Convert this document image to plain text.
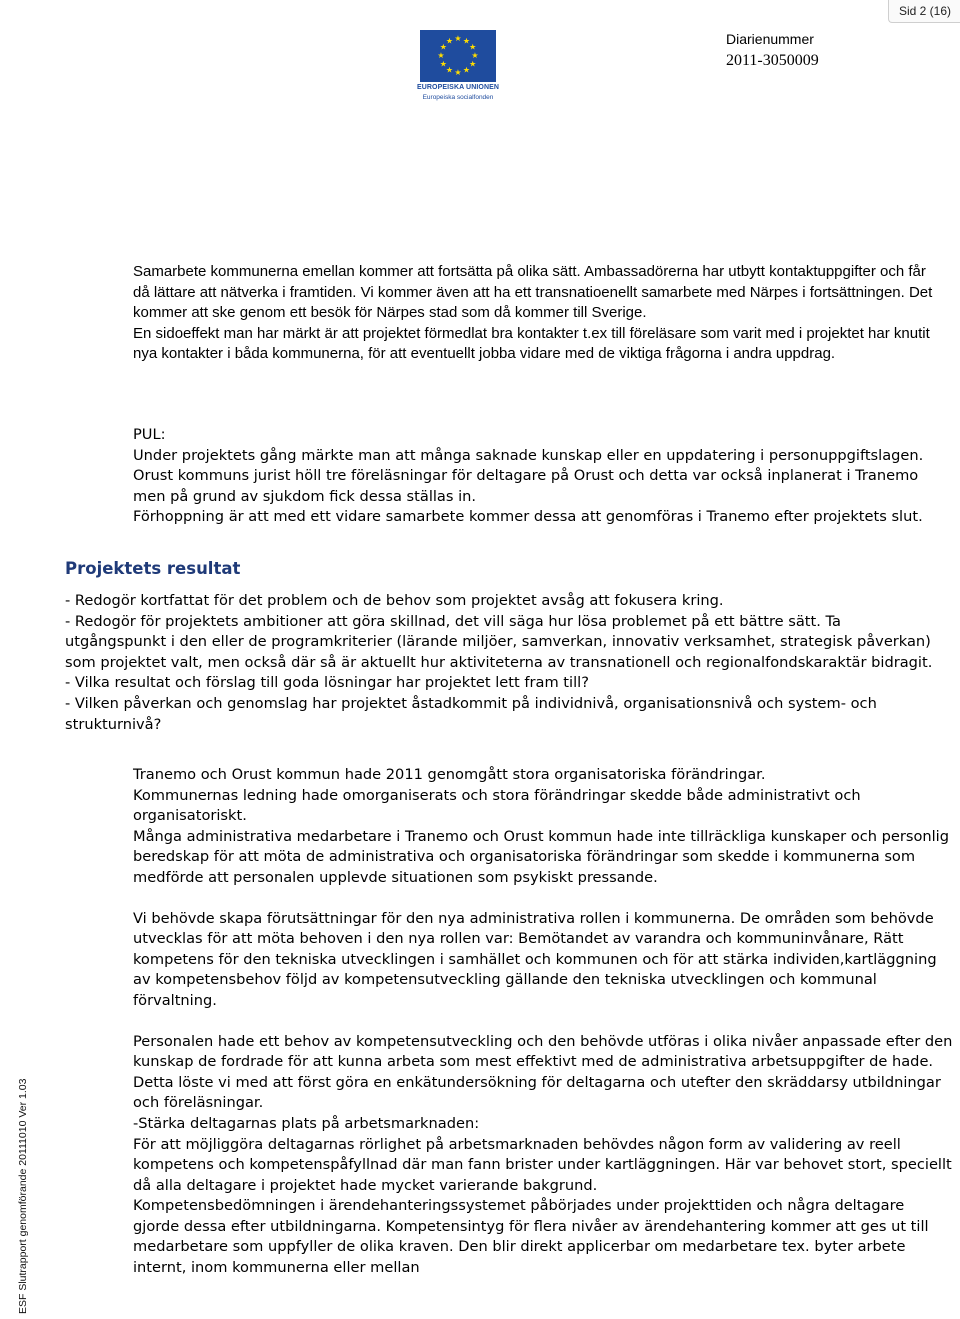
Sid 2 (16)
★ ★
★
★
★
★
★
★
★
★
★
★
EUROPEISKA UNIONEN
Europeiska socialfonden
Diarienummer
2011-3050009
ESF Slutrapport genomförande 20111010 Ver 1.03

Samarbete kommunerna emellan kommer att fortsätta på olika sätt. Ambassadörerna har utbytt kontaktuppgifter och får då lättare att nätverka i framtiden. Vi kommer även att ha ett transnatioenellt samarbete med Närpes i fortsättningen. Det kommer att ske genom ett besök för Närpes stad som då kommer till Sverige.

En sidoeffekt man har märkt är att projektet förmedlat bra kontakter t.ex till föreläsare som varit med i projektet har knutit nya kontakter i båda kommunerna, för att eventuellt jobba vidare med de viktiga frågorna i andra uppdrag.

PUL:

Under projektets gång märkte man att många saknade kunskap eller en uppdatering i personuppgiftslagen. Orust kommuns jurist höll tre föreläsningar för deltagare på Orust och detta var också inplanerat i Tranemo men på grund av sjukdom fick dessa ställas in.

Förhoppning är att med ett vidare samarbete kommer dessa att genomföras i Tranemo efter projektets slut.

Projektets resultat

- Redogör kortfattat för det problem och de behov som projektet avsåg att fokusera kring.

- Redogör för projektets ambitioner att göra skillnad, det vill säga hur lösa problemet på ett bättre sätt. Ta utgångspunkt i den eller de programkriterier (lärande miljöer, samverkan, innovativ verksamhet, strategisk påverkan) som projektet valt, men också där så är aktuellt hur aktiviteterna av transnationell och regionalfondskaraktär bidragit.

- Vilka resultat och förslag till goda lösningar har projektet lett fram till?

- Vilken påverkan och genomslag har projektet åstadkommit på individnivå, organisationsnivå och system- och strukturnivå?

Tranemo och Orust kommun hade 2011 genomgått stora organisatoriska förändringar.

Kommunernas ledning hade omorganiserats och stora förändringar skedde både administrativt och organisatoriskt.

Många administrativa medarbetare i Tranemo och Orust kommun hade inte tillräckliga kunskaper och personlig beredskap för att möta de administrativa och organisatoriska förändringar som skedde i kommunerna som medförde att personalen upplevde situationen som psykiskt pressande.

Vi behövde skapa förutsättningar för den nya administrativa rollen i kommunerna. De områden som behövde utvecklas för att möta behoven i den nya rollen var: Bemötandet av varandra och kommuninvånare, Rätt kompetens för den tekniska utvecklingen i samhället och kommunen och för att stärka individen,kartläggning av kompetensbehov följd av kompetensutveckling gällande den tekniska utvecklingen och kommunal förvaltning.

Personalen hade ett behov av kompetensutveckling och den behövde utföras i olika nivåer anpassade efter den kunskap de fordrade för att kunna arbeta som mest effektivt med de administrativa arbetsuppgifter de hade. Detta löste vi med att först göra en enkätundersökning för deltagarna och utefter den skräddarsy utbildningar och föreläsningar.

-Stärka deltagarnas plats på arbetsmarknaden:

För att möjliggöra deltagarnas rörlighet på arbetsmarknaden behövdes någon form av validering av reell kompetens och kompetenspåfyllnad där man fann brister under kartläggningen. Här var behovet stort, speciellt då alla deltagare i projektet hade mycket varierande bakgrund.

Kompetensbedömningen i ärendehanteringssystemet påbörjades under projekttiden och några deltagare gjorde dessa efter utbildningarna. Kompetensintyg för flera nivåer av ärendehantering kommer att ges ut till medarbetare som uppfyller de olika kraven. Den blir direkt applicerbar om medarbetare tex. byter arbete internt, inom kommunerna eller mellan
